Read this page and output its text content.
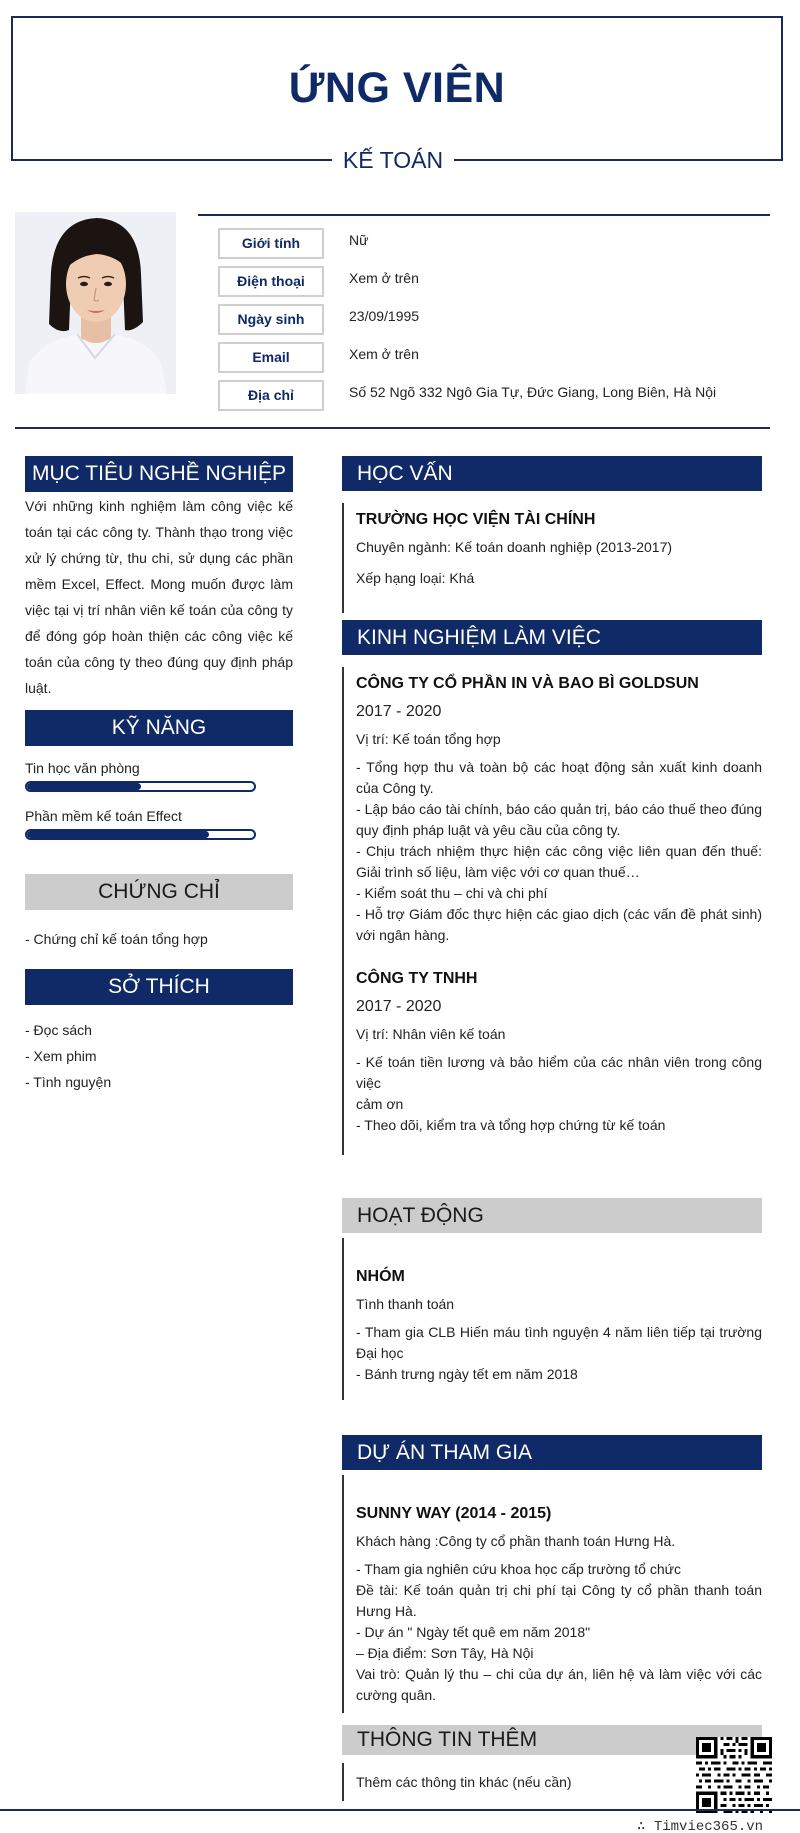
ỨNG VIÊN
KẾ TOÁN
Giới tính	Nữ
Điện thoại	Xem ở trên
Ngày sinh	23/09/1995
Email	Xem ở trên
Địa chỉ	Số 52 Ngõ 332 Ngô Gia Tự, Đức Giang, Long Biên, Hà Nội
MỤC TIÊU NGHỀ NGHIỆP
Với những kinh nghiệm làm công việc kế toán tại các công ty. Thành thạo trong việc xử lý chứng từ, thu chi, sử dụng các phần mềm Excel, Effect. Mong muốn được làm việc tại vị trí nhân viên kế toán của công ty để đóng góp hoàn thiện các công việc kế toán của công ty theo đúng quy định pháp luật.
KỸ NĂNG
Tin học văn phòng
Phần mềm kế toán Effect
CHỨNG CHỈ
- Chứng chỉ kế toán tổng hợp
SỞ THÍCH
- Đọc sách
- Xem phim
- Tình nguyện
HỌC VẤN
TRƯỜNG HỌC VIỆN TÀI CHÍNH
Chuyên ngành: Kế toán doanh nghiệp (2013-2017)
Xếp hạng loại: Khá
KINH NGHIỆM LÀM VIỆC
CÔNG TY CỔ PHẦN IN VÀ BAO BÌ GOLDSUN
2017 - 2020
Vị trí: Kế toán tổng hợp
- Tổng hợp thu và toàn bộ các hoạt động sản xuất kinh doanh của Công ty.
- Lập báo cáo tài chính, báo cáo quản trị, báo cáo thuế theo đúng quy định pháp luật và yêu cầu của công ty.
- Chịu trách nhiệm thực hiện các công việc liên quan đến thuế: Giải trình số liệu, làm việc với cơ quan thuế…
- Kiểm soát thu – chi và chi phí
- Hỗ trợ Giám đốc thực hiện các giao dịch (các vấn đề phát sinh) với ngân hàng.
CÔNG TY TNHH
2017 - 2020
Vị trí: Nhân viên kế toán
- Kế toán tiền lương và bảo hiểm của các nhân viên trong công việc
cảm ơn
- Theo dõi, kiểm tra và tổng hợp chứng từ kế toán
HOẠT ĐỘNG
NHÓM
Tình thanh toán
- Tham gia CLB Hiến máu tình nguyện 4 năm liên tiếp tại trường Đại học
- Bánh trưng ngày tết em năm 2018
DỰ ÁN THAM GIA
SUNNY WAY (2014 - 2015)
Khách hàng :Công ty cổ phần thanh toán Hưng Hà.
- Tham gia nghiên cứu khoa học cấp trường tổ chức
Đề tài: Kế toán quản trị chi phí tại Công ty cổ phần thanh toán Hưng Hà.
- Dự án " Ngày tết quê em năm 2018"
– Địa điểm: Sơn Tây, Hà Nội
Vai trò: Quản lý thu – chi của dự án, liên hệ và làm việc với các cường quân.
THÔNG TIN THÊM
Thêm các thông tin khác (nếu cần)
∴ Timviec365.vn
